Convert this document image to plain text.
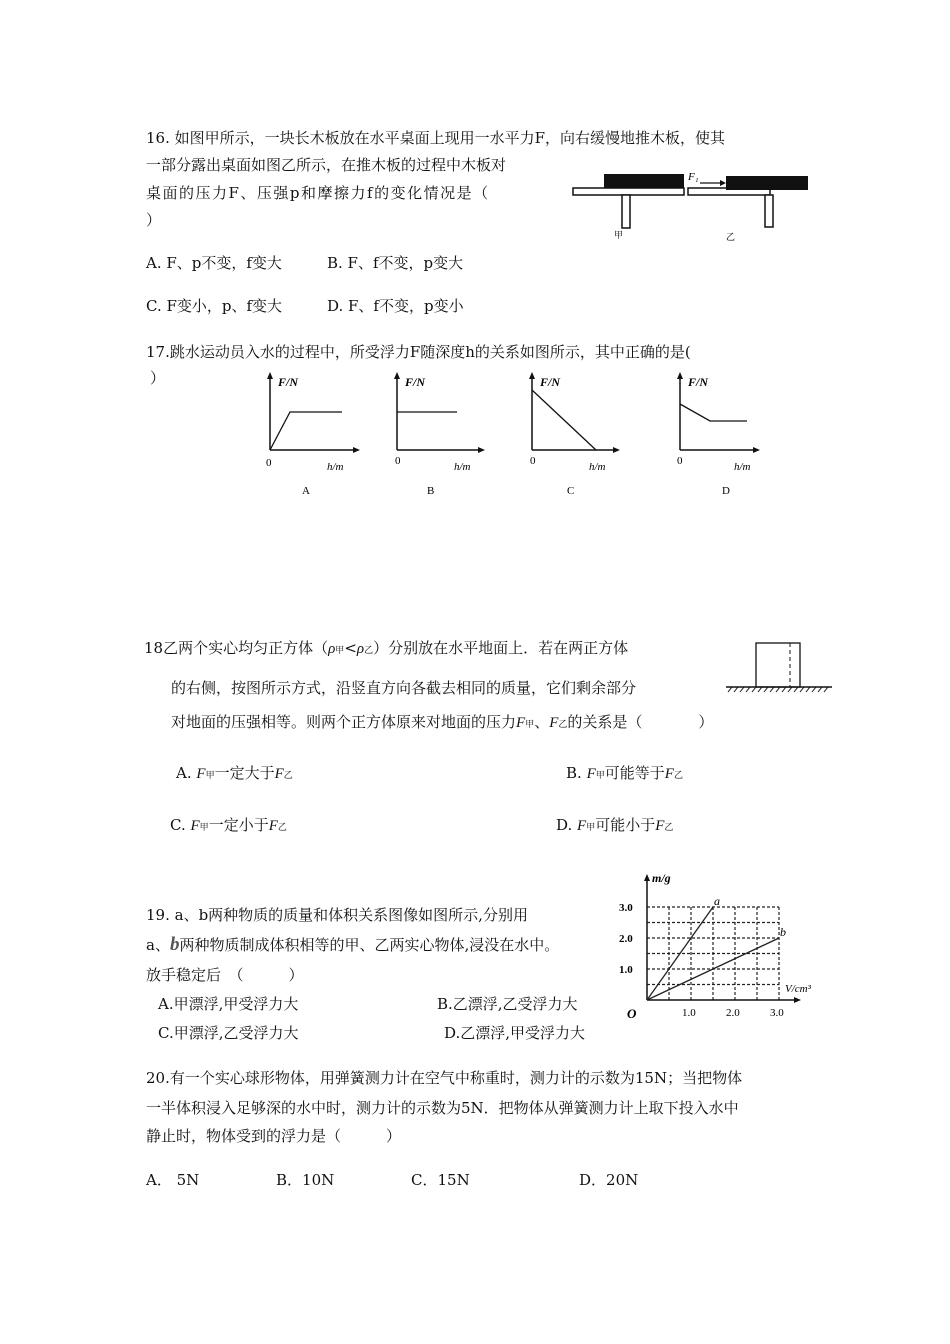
16. 如图甲所示，一块长木板放在水平桌面上现用一水平力F，向右缓慢地推木板，使其
一部分露出桌面如图乙所示，在推木板的过程中木板对
桌面的压力F、压强p和摩擦力f的变化情况是（
）
F₁
甲	乙
A. F、p不变，f变大	B. F、f不变，p变大
C. F变小，p、f变大	D. F、f不变，p变小
17.跳水运动员入水的过程中，所受浮力F随深度h的关系如图所示，其中正确的是(
）	F/N
0	h/m
A
F/N
0	h/m
B
F/N
0	h/m
C
F/N
0	h/m
D
18乙两个实心均匀正方体（ρ甲<ρ乙）分别放在水平地面上．若在两正方体
的右侧，按图所示方式，沿竖直方向各截去相同的质量，它们剩余部分
对地面的压强相等。则两个正方体原来对地面的压力F甲、F乙的关系是（	）
A. F甲一定大于F乙	B. F甲可能等于F乙
C. F甲一定小于F乙	D. F甲可能小于F乙
19. a、b两种物质的质量和体积关系图像如图所示,分别用
a、b两种物质制成体积相等的甲、乙两实心物体,浸没在水中。
放手稳定后　（　　　）
A.甲漂浮,甲受浮力大	B.乙漂浮,乙受浮力大
C.甲漂浮,乙受浮力大	D.乙漂浮,甲受浮力大
a
b
1.0	2.0	3.0
1.0
2.0
3.0
O
m/g
V/cm³
20.有一个实心球形物体，用弹簧测力计在空气中称重时，测力计的示数为15N；当把物体
一半体积浸入足够深的水中时，测力计的示数为5N．把物体从弹簧测力计上取下投入水中
静止时，物体受到的浮力是（　　　）
A． 5N	B．10N	C．15N	D．20N
